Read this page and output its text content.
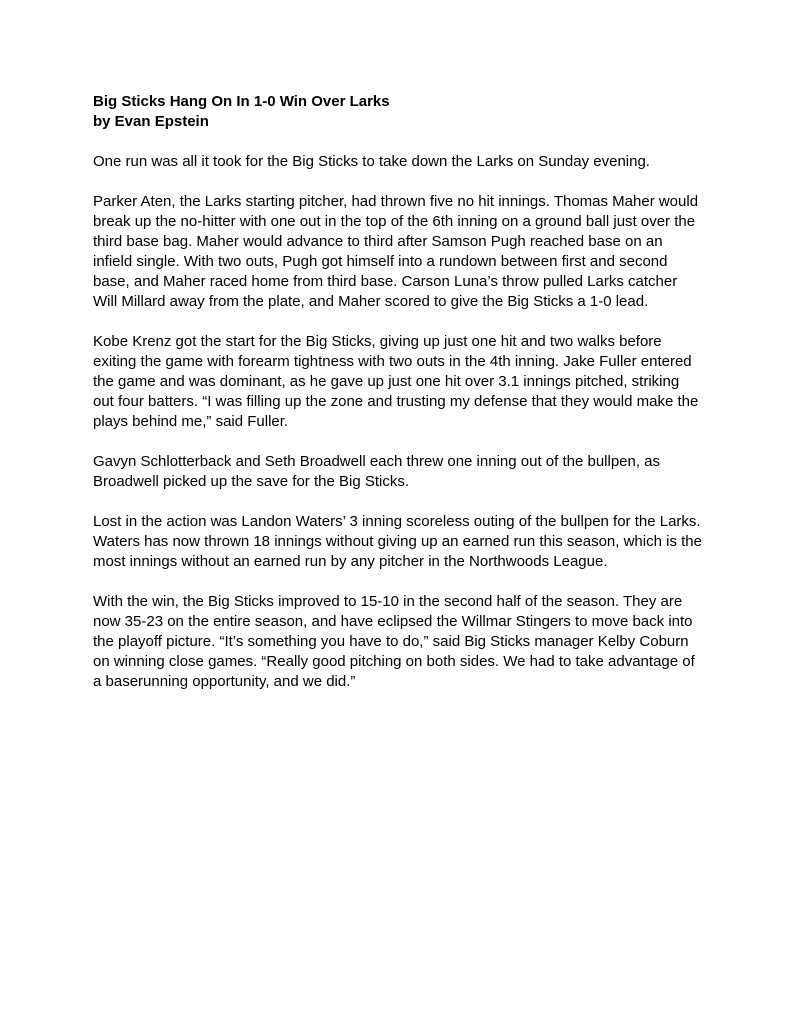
Big Sticks Hang On In 1-0 Win Over Larks

by Evan Epstein

One run was all it took for the Big Sticks to take down the Larks on Sunday evening.

Parker Aten, the Larks starting pitcher, had thrown five no hit innings. Thomas Maher would break up the no-hitter with one out in the top of the 6th inning on a ground ball just over the third base bag. Maher would advance to third after Samson Pugh reached base on an infield single. With two outs, Pugh got himself into a rundown between first and second base, and Maher raced home from third base. Carson Luna’s throw pulled Larks catcher Will Millard away from the plate, and Maher scored to give the Big Sticks a 1-0 lead.

Kobe Krenz got the start for the Big Sticks, giving up just one hit and two walks before exiting the game with forearm tightness with two outs in the 4th inning. Jake Fuller entered the game and was dominant, as he gave up just one hit over 3.1 innings pitched, striking out four batters. “I was filling up the zone and trusting my defense that they would make the plays behind me,” said Fuller.

Gavyn Schlotterback and Seth Broadwell each threw one inning out of the bullpen, as Broadwell picked up the save for the Big Sticks.

Lost in the action was Landon Waters’ 3 inning scoreless outing of the bullpen for the Larks. Waters has now thrown 18 innings without giving up an earned run this season, which is the most innings without an earned run by any pitcher in the Northwoods League.

With the win, the Big Sticks improved to 15-10 in the second half of the season. They are now 35-23 on the entire season, and have eclipsed the Willmar Stingers to move back into the playoff picture. “It’s something you have to do,” said Big Sticks manager Kelby Coburn on winning close games. “Really good pitching on both sides. We had to take advantage of a baserunning opportunity, and we did.”
